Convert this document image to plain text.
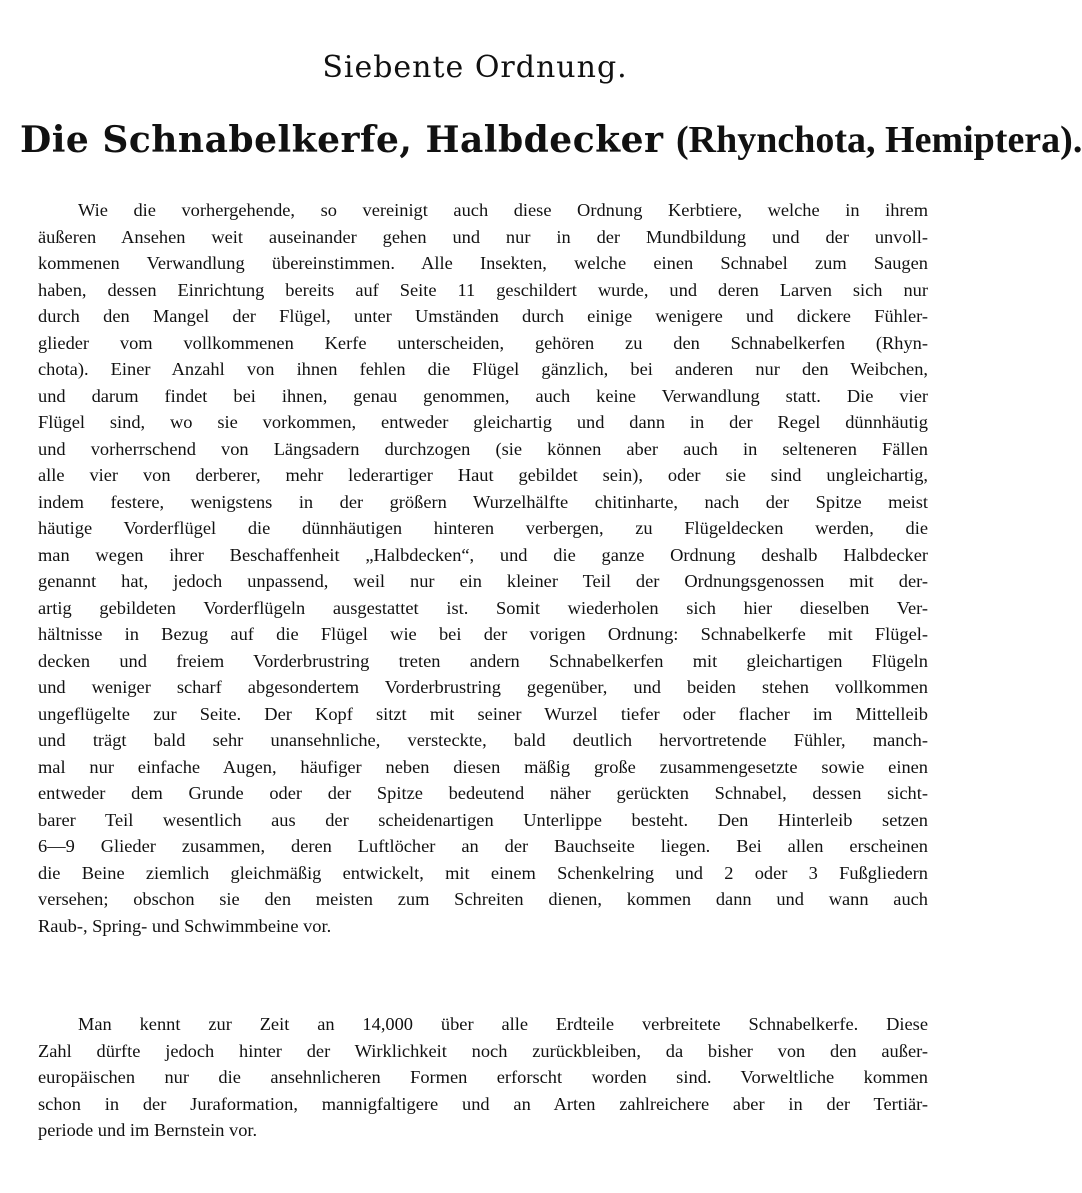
Siebente Ordnung.
Die Schnabelkerfe, Halbdecker (Rhynchota, Hemiptera).
Wie die vorhergehende, so vereinigt auch diese Ordnung Kerbtiere, welche in ihrem
äußeren Ansehen weit auseinander gehen und nur in der Mundbildung und der unvoll-
kommenen Verwandlung übereinstimmen. Alle Insekten, welche einen Schnabel zum Saugen
haben, dessen Einrichtung bereits auf Seite 11 geschildert wurde, und deren Larven sich nur
durch den Mangel der Flügel, unter Umständen durch einige wenigere und dickere Fühler-
glieder vom vollkommenen Kerfe unterscheiden, gehören zu den Schnabelkerfen (Rhyn-
chota). Einer Anzahl von ihnen fehlen die Flügel gänzlich, bei anderen nur den Weibchen,
und darum findet bei ihnen, genau genommen, auch keine Verwandlung statt. Die vier
Flügel sind, wo sie vorkommen, entweder gleichartig und dann in der Regel dünnhäutig
und vorherrschend von Längsadern durchzogen (sie können aber auch in selteneren Fällen
alle vier von derberer, mehr lederartiger Haut gebildet sein), oder sie sind ungleichartig,
indem festere, wenigstens in der größern Wurzelhälfte chitinharte, nach der Spitze meist
häutige Vorderflügel die dünnhäutigen hinteren verbergen, zu Flügeldecken werden, die
man wegen ihrer Beschaffenheit „Halbdecken“, und die ganze Ordnung deshalb Halbdecker
genannt hat, jedoch unpassend, weil nur ein kleiner Teil der Ordnungsgenossen mit der-
artig gebildeten Vorderflügeln ausgestattet ist. Somit wiederholen sich hier dieselben Ver-
hältnisse in Bezug auf die Flügel wie bei der vorigen Ordnung: Schnabelkerfe mit Flügel-
decken und freiem Vorderbrustring treten andern Schnabelkerfen mit gleichartigen Flügeln
und weniger scharf abgesondertem Vorderbrustring gegenüber, und beiden stehen vollkommen
ungeflügelte zur Seite. Der Kopf sitzt mit seiner Wurzel tiefer oder flacher im Mittelleib
und trägt bald sehr unansehnliche, versteckte, bald deutlich hervortretende Fühler, manch-
mal nur einfache Augen, häufiger neben diesen mäßig große zusammengesetzte sowie einen
entweder dem Grunde oder der Spitze bedeutend näher gerückten Schnabel, dessen sicht-
barer Teil wesentlich aus der scheidenartigen Unterlippe besteht. Den Hinterleib setzen
6—9 Glieder zusammen, deren Luftlöcher an der Bauchseite liegen. Bei allen erscheinen
die Beine ziemlich gleichmäßig entwickelt, mit einem Schenkelring und 2 oder 3 Fußgliedern
versehen; obschon sie den meisten zum Schreiten dienen, kommen dann und wann auch
Raub-, Spring- und Schwimmbeine vor.
Man kennt zur Zeit an 14,000 über alle Erdteile verbreitete Schnabelkerfe. Diese
Zahl dürfte jedoch hinter der Wirklichkeit noch zurückbleiben, da bisher von den außer-
europäischen nur die ansehnlicheren Formen erforscht worden sind. Vorweltliche kommen
schon in der Juraformation, mannigfaltigere und an Arten zahlreichere aber in der Tertiär-
periode und im Bernstein vor.
